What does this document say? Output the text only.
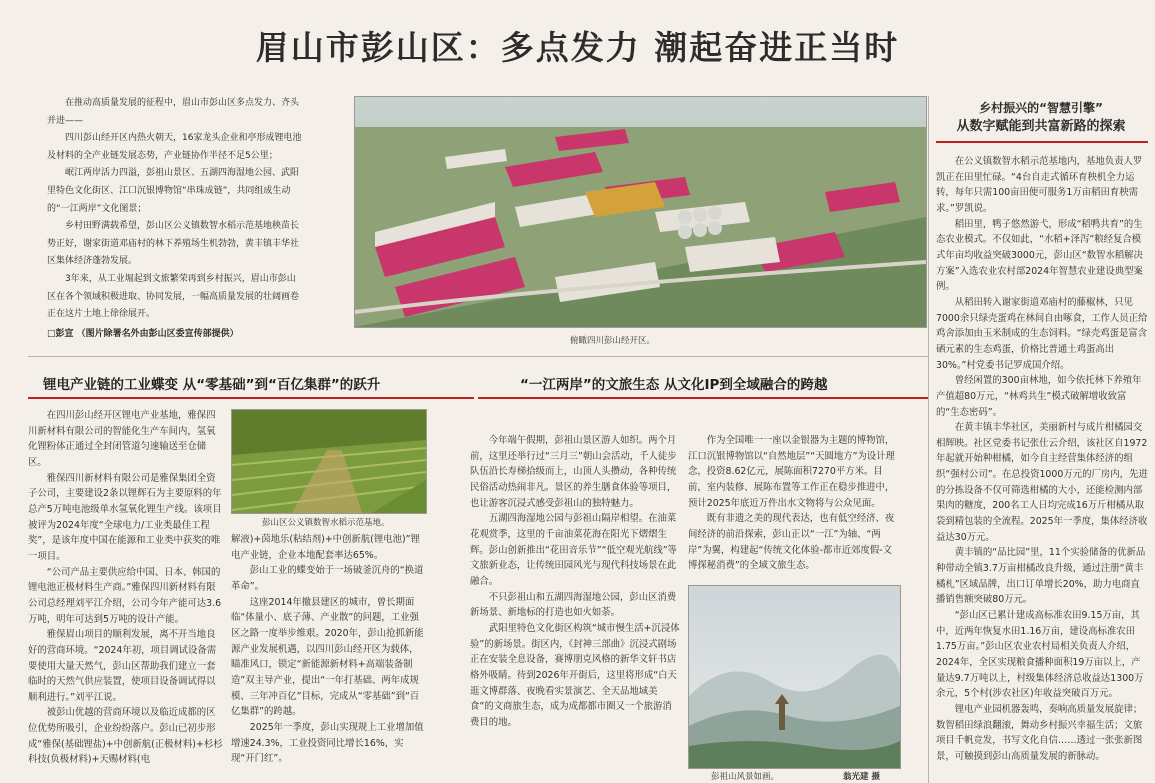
眉山市彭山区：多点发力 潮起奋进正当时

在推动高质量发展的征程中，眉山市彭山区多点发力、齐头并进——

四川彭山经开区内热火朝天，16家龙头企业和亭形成锂电池及材料的全产业链发展态势，产业链协作半径不足5公里；

岷江两岸活力四溢，彭祖山景区、五湖四海湿地公园、武阳里特色文化街区、江口沉银博物馆“串珠成链”，共同组成生动的“一江两岸”文化图景；

乡村田野满载希望，彭山区公义镇数智水稻示范基地秧苗长势正好，谢家街道邓庙村的林下养殖场生机勃勃，黄丰镇丰华社区集体经济蓬勃发展。

3年来，从工业堀起到文旅繁荣再到乡村振兴，眉山市彭山区在各个领域积极进取、协同发展，一幅高质量发展的壮阔画卷正在这片土地上徐徐展开。

□彭宣 （图片除署名外由彭山区委宣传部提供）

俯瞰四川彭山经开区。
乡村振兴的“智慧引擎”
从数字赋能到共富新路的探索

在公义镇数智水稻示范基地内，基地负责人罗凯正在田里忙碌。“4台自走式循环育秧机全力运转，每年只需100亩田便可服务1万亩稻田育秧需求。”罗凯说。

稻田里，鸭子悠然游弋，形成“稻鸭共育”的生态农业模式。不仅如此，“水稻+泽泻”粮经复合模式年亩均收益突破3000元，彭山区“数智水稻解决方案”入选农业农村部2024年智慧农业建设典型案例。

从稻田转入谢家街道邓庙村的藤椒林，只见7000余只绿壳蛋鸡在林间自由啄食，工作人员正给鸡舍添加由玉米制成的生态饲料。“绿壳鸡蛋是富含硒元素的生态鸡蛋，价格比普通土鸡蛋高出30%。”村党委书记罗成国介绍。

曾经闲置的300亩林地，如今依托林下养殖年产值超80万元，“林鸡共生”模式破解增收致富的“生态密码”。

在黄丰镇丰华社区，美丽新村与成片柑橘园交相辉映。社区党委书记张仕云介绍，该社区自1972年起就开始种柑橘，如今自主经营集体经济的组织“强村公司”。在总投资1000万元的厂房内，先进的分拣设备不仅可筛选柑橘的大小，还能检测内部果肉的糖度，200名工人日均完成16万斤柑橘从取袋到精包装的全流程。2025年一季度，集体经济收益达30万元。

黄丰镇的“品比园”里，11个实验储备的优新品种带动全镇3.7万亩柑橘改良升级，通过注册“黄丰橘札”区域品牌，出口订单增长20%，助力电商直播销售额突破80万元。

“彭山区已累计建成高标准农田9.15万亩，其中，近两年恢复水田1.16万亩，建设高标准农田1.75万亩。”彭山区农业农村局相关负责人介绍，2024年，全区实现粮食播种面积19万亩以上，产量达9.7万吨以上，村级集体经济总收益达1300万余元，5个村(涉农社区)年收益突破百万元。

锂电产业园机器轰鸣，奏响高质量发展旋律；数智稻田绿浪翻滚，舞动乡村振兴幸福生活；文旅项目千帆竞发，书写文化自信……透过一张张新图景，可触摸到彭山高质量发展的新脉动。

锂电产业链的工业蝶变 从“零基础”到“百亿集群”的跃升

在四川彭山经开区锂电产业基地，雅保四川新材料有限公司的智能化生产车间内，氢氧化锂粉体正通过全封闭管道匀速输送至仓储区。

雅保四川新材料有限公司是雅保集团全资子公司，主要建设2条以锂辉石为主要原料的年总产5万吨电池级单水氢氧化锂生产线。该项目被评为2024年度“全球电力/工业类最佳工程奖”，是该年度中国在能源和工业类中获奖的唯一项目。

“公司产品主要供应给中国、日本、韩国的锂电池正极材料生产商。”雅保四川新材料有限公司总经理刘平江介绍，公司今年产能可达3.6万吨，明年可达到5万吨的设计产能。

雅保眉山项目的顺利发展，离不开当地良好的营商环境。“2024年初，项目调试设备需要使用大量天然气，彭山区帮助我们建立一套临时的天然气供应装置，使项目设备调试得以顺利进行。”刘平江说。

被彭山优越的营商环境以及临近成都的区位优势所吸引，企业纷纷落户。彭山已初步形成“雅保(基础锂盐)+中创新航(正极材料)+杉杉科技(负极材料)+天赐材料(电

彭山区公义镇数智水稻示范基地。

解液)+茵地乐(粘结剂)+中创新航(锂电池)”锂电产业链，企业本地配套率达65%。

彭山工业的蝶变始于一场破釜沉舟的“换道革命”。

这座2014年撤县建区的城市，曾长期面临“体量小、底子薄、产业散”的问题，工业强区之路一度举步维艰。2020年，彭山抢抓新能源产业发展机遇，以四川彭山经开区为载体，瞄准风口，锁定“新能源新材料+高端装备制造”双主导产业，提出“一年打基础、两年成规模、三年冲百亿”目标，完成从“零基础”到“百亿集群”的跨越。

2025年一季度，彭山实现规上工业增加值增速24.3%，工业投资同比增长16%，实现“开门红”。

“一江两岸”的文旅生态 从文化IP到全域融合的跨越

今年端午假期，彭祖山景区游人如织。两个月前，这里还举行过“三月三”朝山会活动，千人徒步队伍沿长寿梯拾级而上，山顶人头攒动，各种传统民俗活动热闹非凡。景区的养生膳食体验等项目，也让游客沉浸式感受彭祖山的独特魅力。

五湖四海湿地公园与彭祖山隔岸相望。在油菜花观赏季，这里的千亩油菜花海在阳光下熠熠生辉。彭山创新推出“花田音乐节”“低空观光航线”等文旅新业态，让传统田园风光与现代科技场景在此融合。

不只彭祖山和五湖四海湿地公园，彭山区消费新场景、新地标的打造也如火如荼。

武阳里特色文化街区构筑“城市慢生活+沉浸体验”的新场景。街区内，《封神三部曲》沉浸式剧场正在安装全息设备，赛博朋克风格的新华文轩书店格外吸睛。待到2026年开街后，这里将形成“白天逛文博群落、夜晚看实景演艺、全天品地域美食”的文商旅生态，成为成都都市圈又一个旅游消费目的地。

作为全国唯一一座以金银器为主题的博物馆，江口沉银博物馆以“自然地层”“天圆地方”为设计理念，投资8.62亿元，展陈面积7270平方米。目前，室内装修、展陈布置等工作正在稳步推进中，预计2025年底近万件出水文物将与公众见面。

既有非遗之美的现代表达，也有低空经济、夜间经济的前沿探索，彭山正以“一江”为轴、“两岸”为翼，构建起“传统文化体验-都市近郊度假-文博探秘消费”的全域文旅生态。

彭祖山风景如画。	翁光建 摄
